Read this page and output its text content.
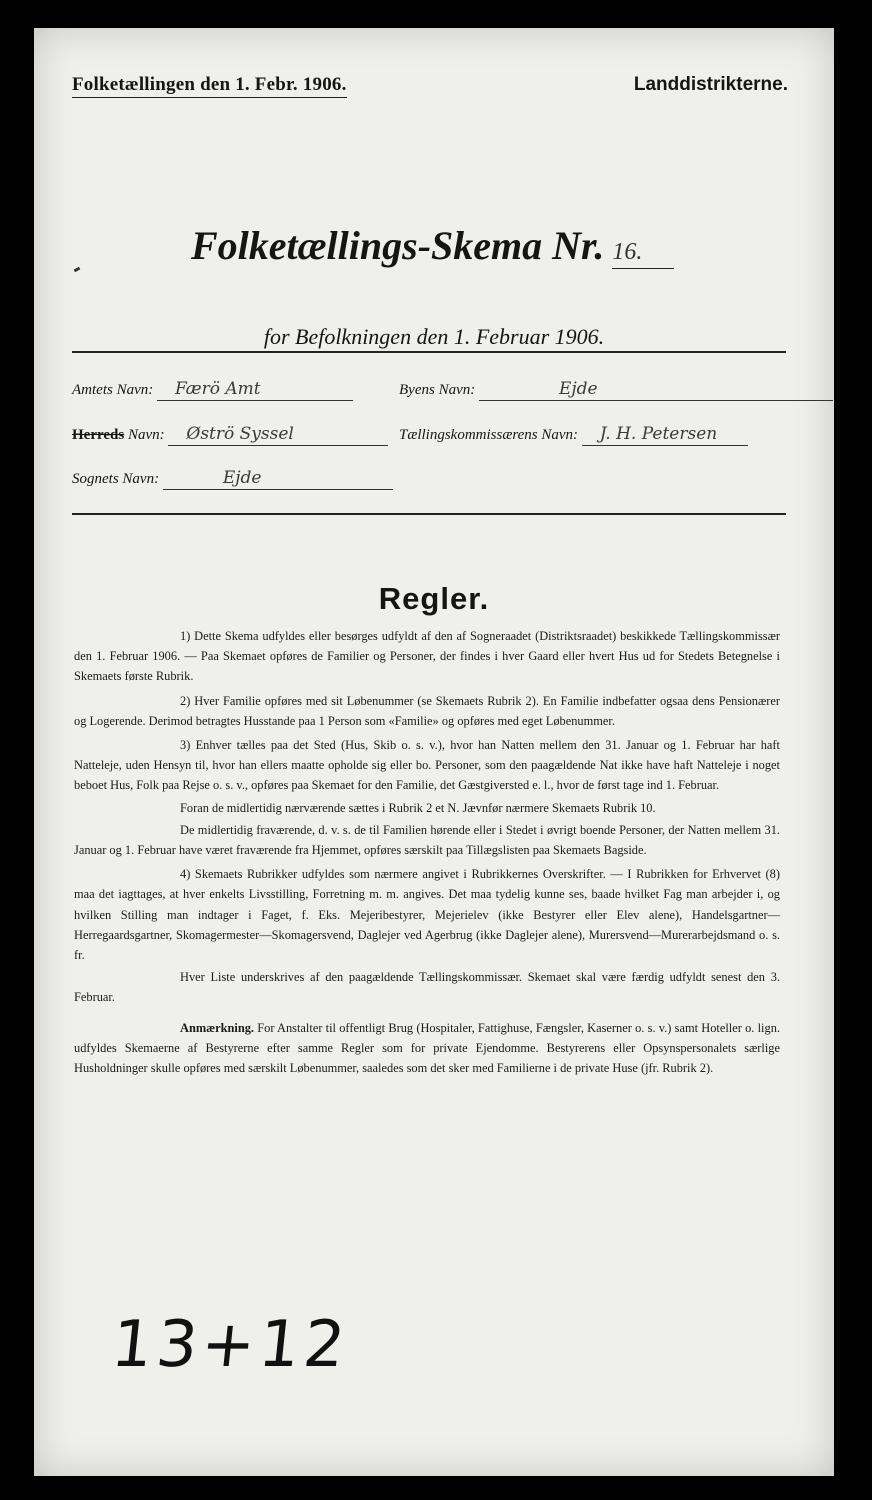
Folketællingen den 1. Febr. 1906.	Landdistrikterne.
Folketællings-Skema Nr. 16.
for Befolkningen den 1. Februar 1906.
Amtets Navn: Færö Amt	Byens Navn:	Ejde
Herreds Navn: Øströ Syssel	Tællingskommissærens Navn: J. H. Petersen
Sognets Navn:	Ejde
Regler.

1) Dette Skema udfyldes eller besørges udfyldt af den af Sogneraadet (Distriktsraadet) beskikkede Tællingskommissær den 1. Februar 1906. — Paa Skemaet opføres de Familier og Personer, der findes i hver Gaard eller hvert Hus ud for Stedets Betegnelse i Skemaets første Rubrik.

2) Hver Familie opføres med sit Løbenummer (se Skemaets Rubrik 2). En Familie indbefatter ogsaa dens Pensionærer og Logerende. Derimod betragtes Husstande paa 1 Person som «Familie» og opføres med eget Løbenummer.

3) Enhver tælles paa det Sted (Hus, Skib o. s. v.), hvor han Natten mellem den 31. Januar og 1. Februar har haft Natteleje, uden Hensyn til, hvor han ellers maatte opholde sig eller bo. Personer, som den paagældende Nat ikke have haft Natteleje i noget beboet Hus, Folk paa Rejse o. s. v., opføres paa Skemaet for den Familie, det Gæstgiversted e. l., hvor de først tage ind 1. Februar.

Foran de midlertidig nærværende sættes i Rubrik 2 et N. Jævnfør nærmere Skemaets Rubrik 10.

De midlertidig fraværende, d. v. s. de til Familien hørende eller i Stedet i øvrigt boende Personer, der Natten mellem 31. Januar og 1. Februar have været fraværende fra Hjemmet, opføres særskilt paa Tillægslisten paa Skemaets Bagside.

4) Skemaets Rubrikker udfyldes som nærmere angivet i Rubrikkernes Overskrifter. — I Rubrikken for Erhvervet (8) maa det iagttages, at hver enkelts Livsstilling, Forretning m. m. angives. Det maa tydelig kunne ses, baade hvilket Fag man arbejder i, og hvilken Stilling man indtager i Faget, f. Eks. Mejeribestyrer, Mejerielev (ikke Bestyrer eller Elev alene), Handelsgartner—Herregaardsgartner, Skomagermester—Skomagersvend, Daglejer ved Agerbrug (ikke Daglejer alene), Murersvend—Murerarbejdsmand o. s. fr.

Hver Liste underskrives af den paagældende Tællingskommissær. Skemaet skal være færdig udfyldt senest den 3. Februar.

Anmærkning. For Anstalter til offentligt Brug (Hospitaler, Fattighuse, Fængsler, Kaserner o. s. v.) samt Hoteller o. lign. udfyldes Skemaerne af Bestyrerne efter samme Regler som for private Ejendomme. Bestyrerens eller Opsynspersonalets særlige Husholdninger skulle opføres med særskilt Løbenummer, saaledes som det sker med Familierne i de private Huse (jfr. Rubrik 2).

13+12
